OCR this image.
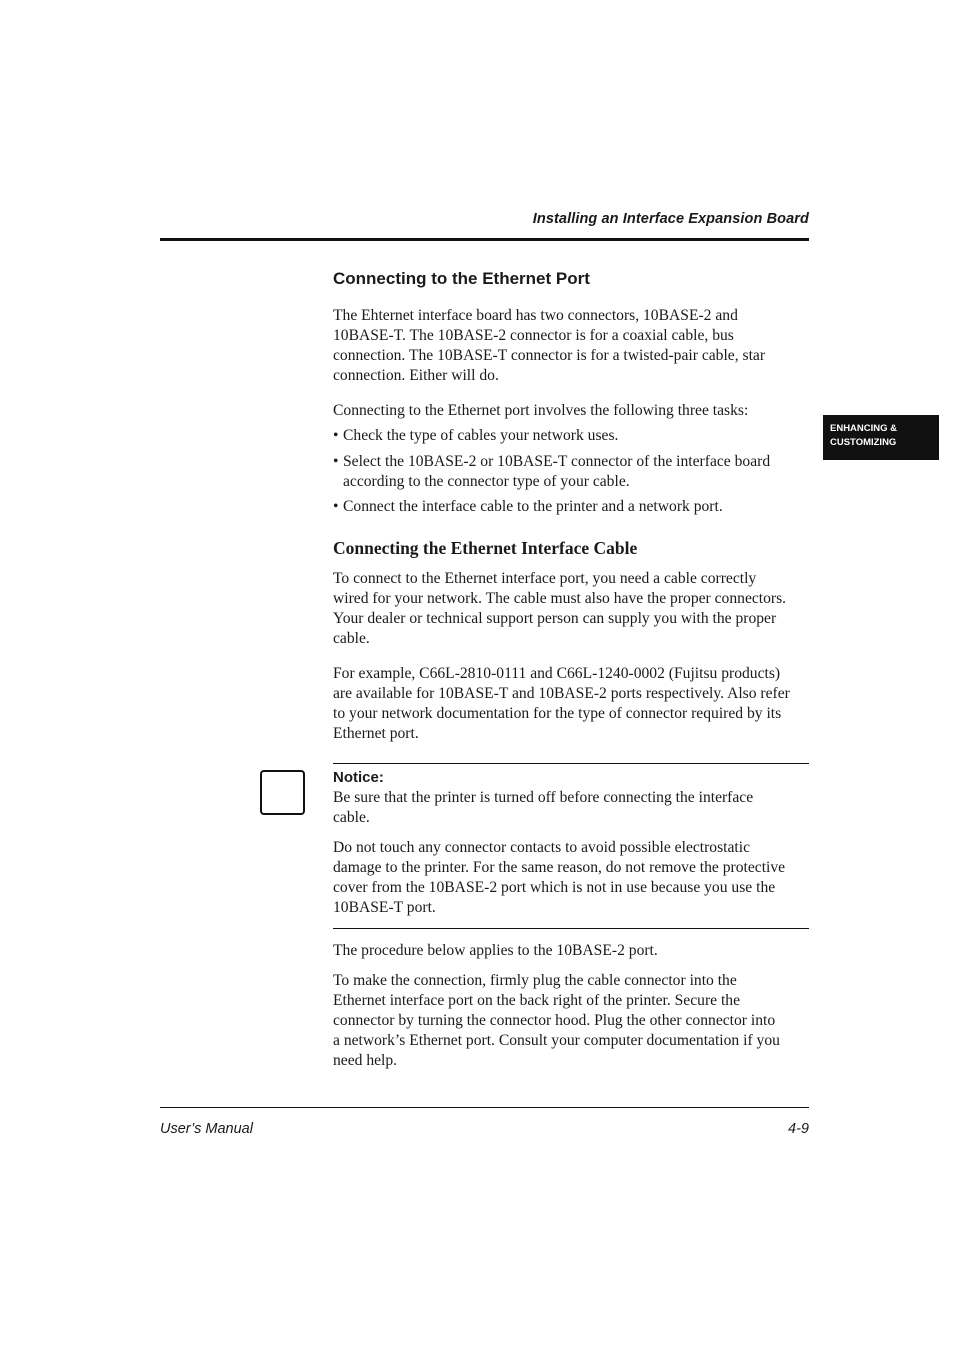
Installing an Interface Expansion Board
ENHANCING &
CUSTOMIZING
Connecting to the Ethernet Port

The Ehternet interface board has two connectors, 10BASE-2 and

10BASE-T. The 10BASE-2 connector is for a coaxial cable, bus

connection. The 10BASE-T connector is for a twisted-pair cable, star

connection. Either will do.

Connecting to the Ethernet port involves the following three tasks:
• Check the type of cables your network uses.
• Select the 10BASE-2 or 10BASE-T connector of the interface board
according to the connector type of your cable.
• Connect the interface cable to the printer and a network port.
Connecting the Ethernet Interface Cable

To connect to the Ethernet interface port, you need a cable correctly

wired for your network. The cable must also have the proper connectors.

Your dealer or technical support person can supply you with the proper

cable.

For example, C66L-2810-0111 and C66L-1240-0002 (Fujitsu products)

are available for 10BASE-T and 10BASE-2 ports respectively. Also refer

to your network documentation for the type of connector required by its

Ethernet port.

Notice:

Be sure that the printer is turned off before connecting the interface

cable.

Do not touch any connector contacts to avoid possible electrostatic

damage to the printer. For the same reason, do not remove the protective

cover from the 10BASE-2 port which is not in use because you use the

10BASE-T port.

The procedure below applies to the 10BASE-2 port.

To make the connection, firmly plug the cable connector into the

Ethernet interface port on the back right of the printer. Secure the

connector by turning the connector hood. Plug the other connector into

a network’s Ethernet port. Consult your computer documentation if you

need help.

User’s Manual	4-9
